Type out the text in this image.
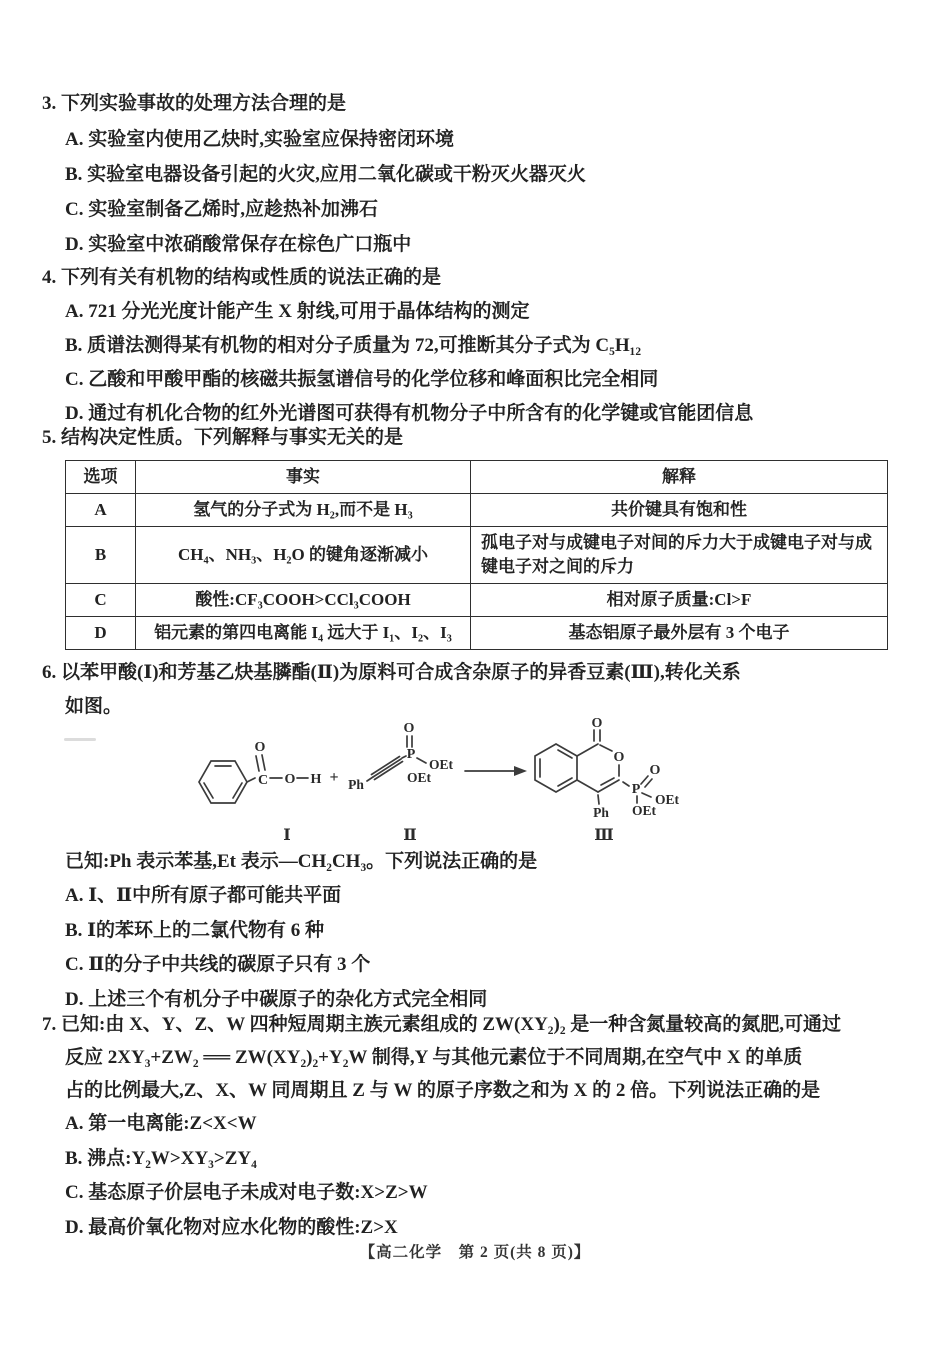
3. 下列实验事故的处理方法合理的是
A. 实验室内使用乙炔时,实验室应保持密闭环境
B. 实验室电器设备引起的火灾,应用二氧化碳或干粉灭火器灭火
C. 实验室制备乙烯时,应趁热补加沸石
D. 实验室中浓硝酸常保存在棕色广口瓶中
4. 下列有关有机物的结构或性质的说法正确的是
A. 721 分光光度计能产生 X 射线,可用于晶体结构的测定
B. 质谱法测得某有机物的相对分子质量为 72,可推断其分子式为 C₅H₁₂
C. 乙酸和甲酸甲酯的核磁共振氢谱信号的化学位移和峰面积比完全相同
D. 通过有机化合物的红外光谱图可获得有机物分子中所含有的化学键或官能团信息
5. 结构决定性质。下列解释与事实无关的是
选项	事实	解释
A	氢气的分子式为 H₂,而不是 H₃	共价键具有饱和性
B	CH₄、NH₃、H₂O 的键角逐渐减小	孤电子对与成键电子对间的斥力大于成键电子对与成键电子对之间的斥力
C	酸性:CF₃COOH>CCl₃COOH	相对原子质量:Cl>F
D	铝元素的第四电离能 I₄ 远大于 I₁、I₂、I₃	基态铝原子最外层有 3 个电子
6. 以苯甲酸(Ⅰ)和芳基乙炔基膦酯(Ⅱ)为原料可合成含杂原子的异香豆素(Ⅲ),转化关系
如图。
C
O
O H + Ph
P
O
OEt
OEt
O
O
Ph
P
O
OEt
OEt
Ⅰ	Ⅱ	Ⅲ
已知:Ph 表示苯基,Et 表示—CH₂CH₃。下列说法正确的是
A. Ⅰ、Ⅱ中所有原子都可能共平面
B. Ⅰ的苯环上的二氯代物有 6 种
C. Ⅱ的分子中共线的碳原子只有 3 个
D. 上述三个有机分子中碳原子的杂化方式完全相同
7. 已知:由 X、Y、Z、W 四种短周期主族元素组成的 ZW(XY₂)₂ 是一种含氮量较高的氮肥,可通过
反应 2XY₃+ZW₂ ══ ZW(XY₂)₂+Y₂W 制得,Y 与其他元素位于不同周期,在空气中 X 的单质
占的比例最大,Z、X、W 同周期且 Z 与 W 的原子序数之和为 X 的 2 倍。下列说法正确的是
A. 第一电离能:Z<X<W
B. 沸点:Y₂W>XY₃>ZY₄
C. 基态原子价层电子未成对电子数:X>Z>W
D. 最高价氧化物对应水化物的酸性:Z>X
【高二化学　第 2 页(共 8 页)】
